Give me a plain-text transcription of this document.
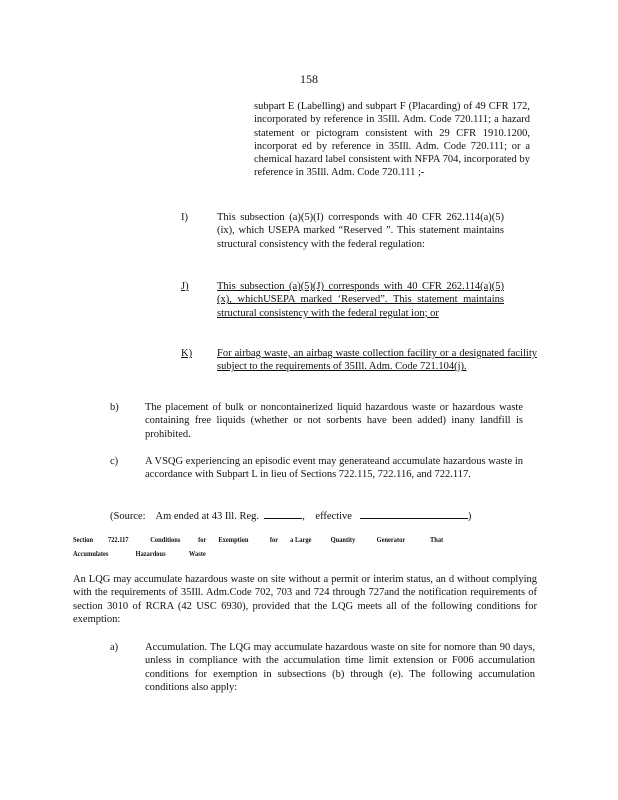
158
subpart E (Labelling) and subpart F (Placarding) of 49 CFR 172, incorporated by reference in 35Ill. Adm. Code 720.111; a hazard statement or pictogram consistent with 29 CFR 1910.1200, incorporat ed by reference in 35Ill. Adm. Code 720.111; or a chemical hazard label consistent with NFPA 704, incorporated by reference in 35Ill. Adm. Code 720.111 ;-
I)	This subsection (a)(5)(I) corresponds with 40 CFR 262.114(a)(5)(ix), which USEPA marked “Reserved ”. This statement maintains structural consistency with the federal regulation:
J)	This subsection (a)(5)(J) corresponds with 40 CFR 262.114(a)(5)(x), whichUSEPA marked ‘Reserved”. This statement maintains structural consistency with the federal regulat ion; or
K) For airbag waste, an airbag waste collection facility or a designated facility subject to the requirements of 35Ill. Adm. Code 721.104(j).
b)	The placement of bulk or noncontainerized liquid hazardous waste or hazardous waste containing free liquids (whether or not sorbents have been added) inany landfill is prohibited.
c)	A VSQG experiencing an episodic event may generateand accumulate hazardous waste in accordance with Subpart L in lieu of Sections 722.115, 722.116, and 722.117.
(Source: Am ended at 43 Ill. Reg.	,    effective	)
Section 722.117	Conditions	for Exemption	for a Large	Quantity	Generator	That
Accumulates	Hazardous	Waste
An LQG may accumulate hazardous waste on site without a permit or interim status, an d without complying with the requirements of 35Ill. Adm.Code 702, 703 and 724 through 727and the notification requirements of section 3010 of RCRA (42 USC 6930), provided that the LQG meets all of the following conditions for exemption:
a)	Accumulation. The LQG may accumulate hazardous waste on site for nomore than 90 days, unless in compliance with the accumulation time limit extension or F006 accumulation conditions for exemption in subsections (b) through (e). The following accumulation conditions also apply:
